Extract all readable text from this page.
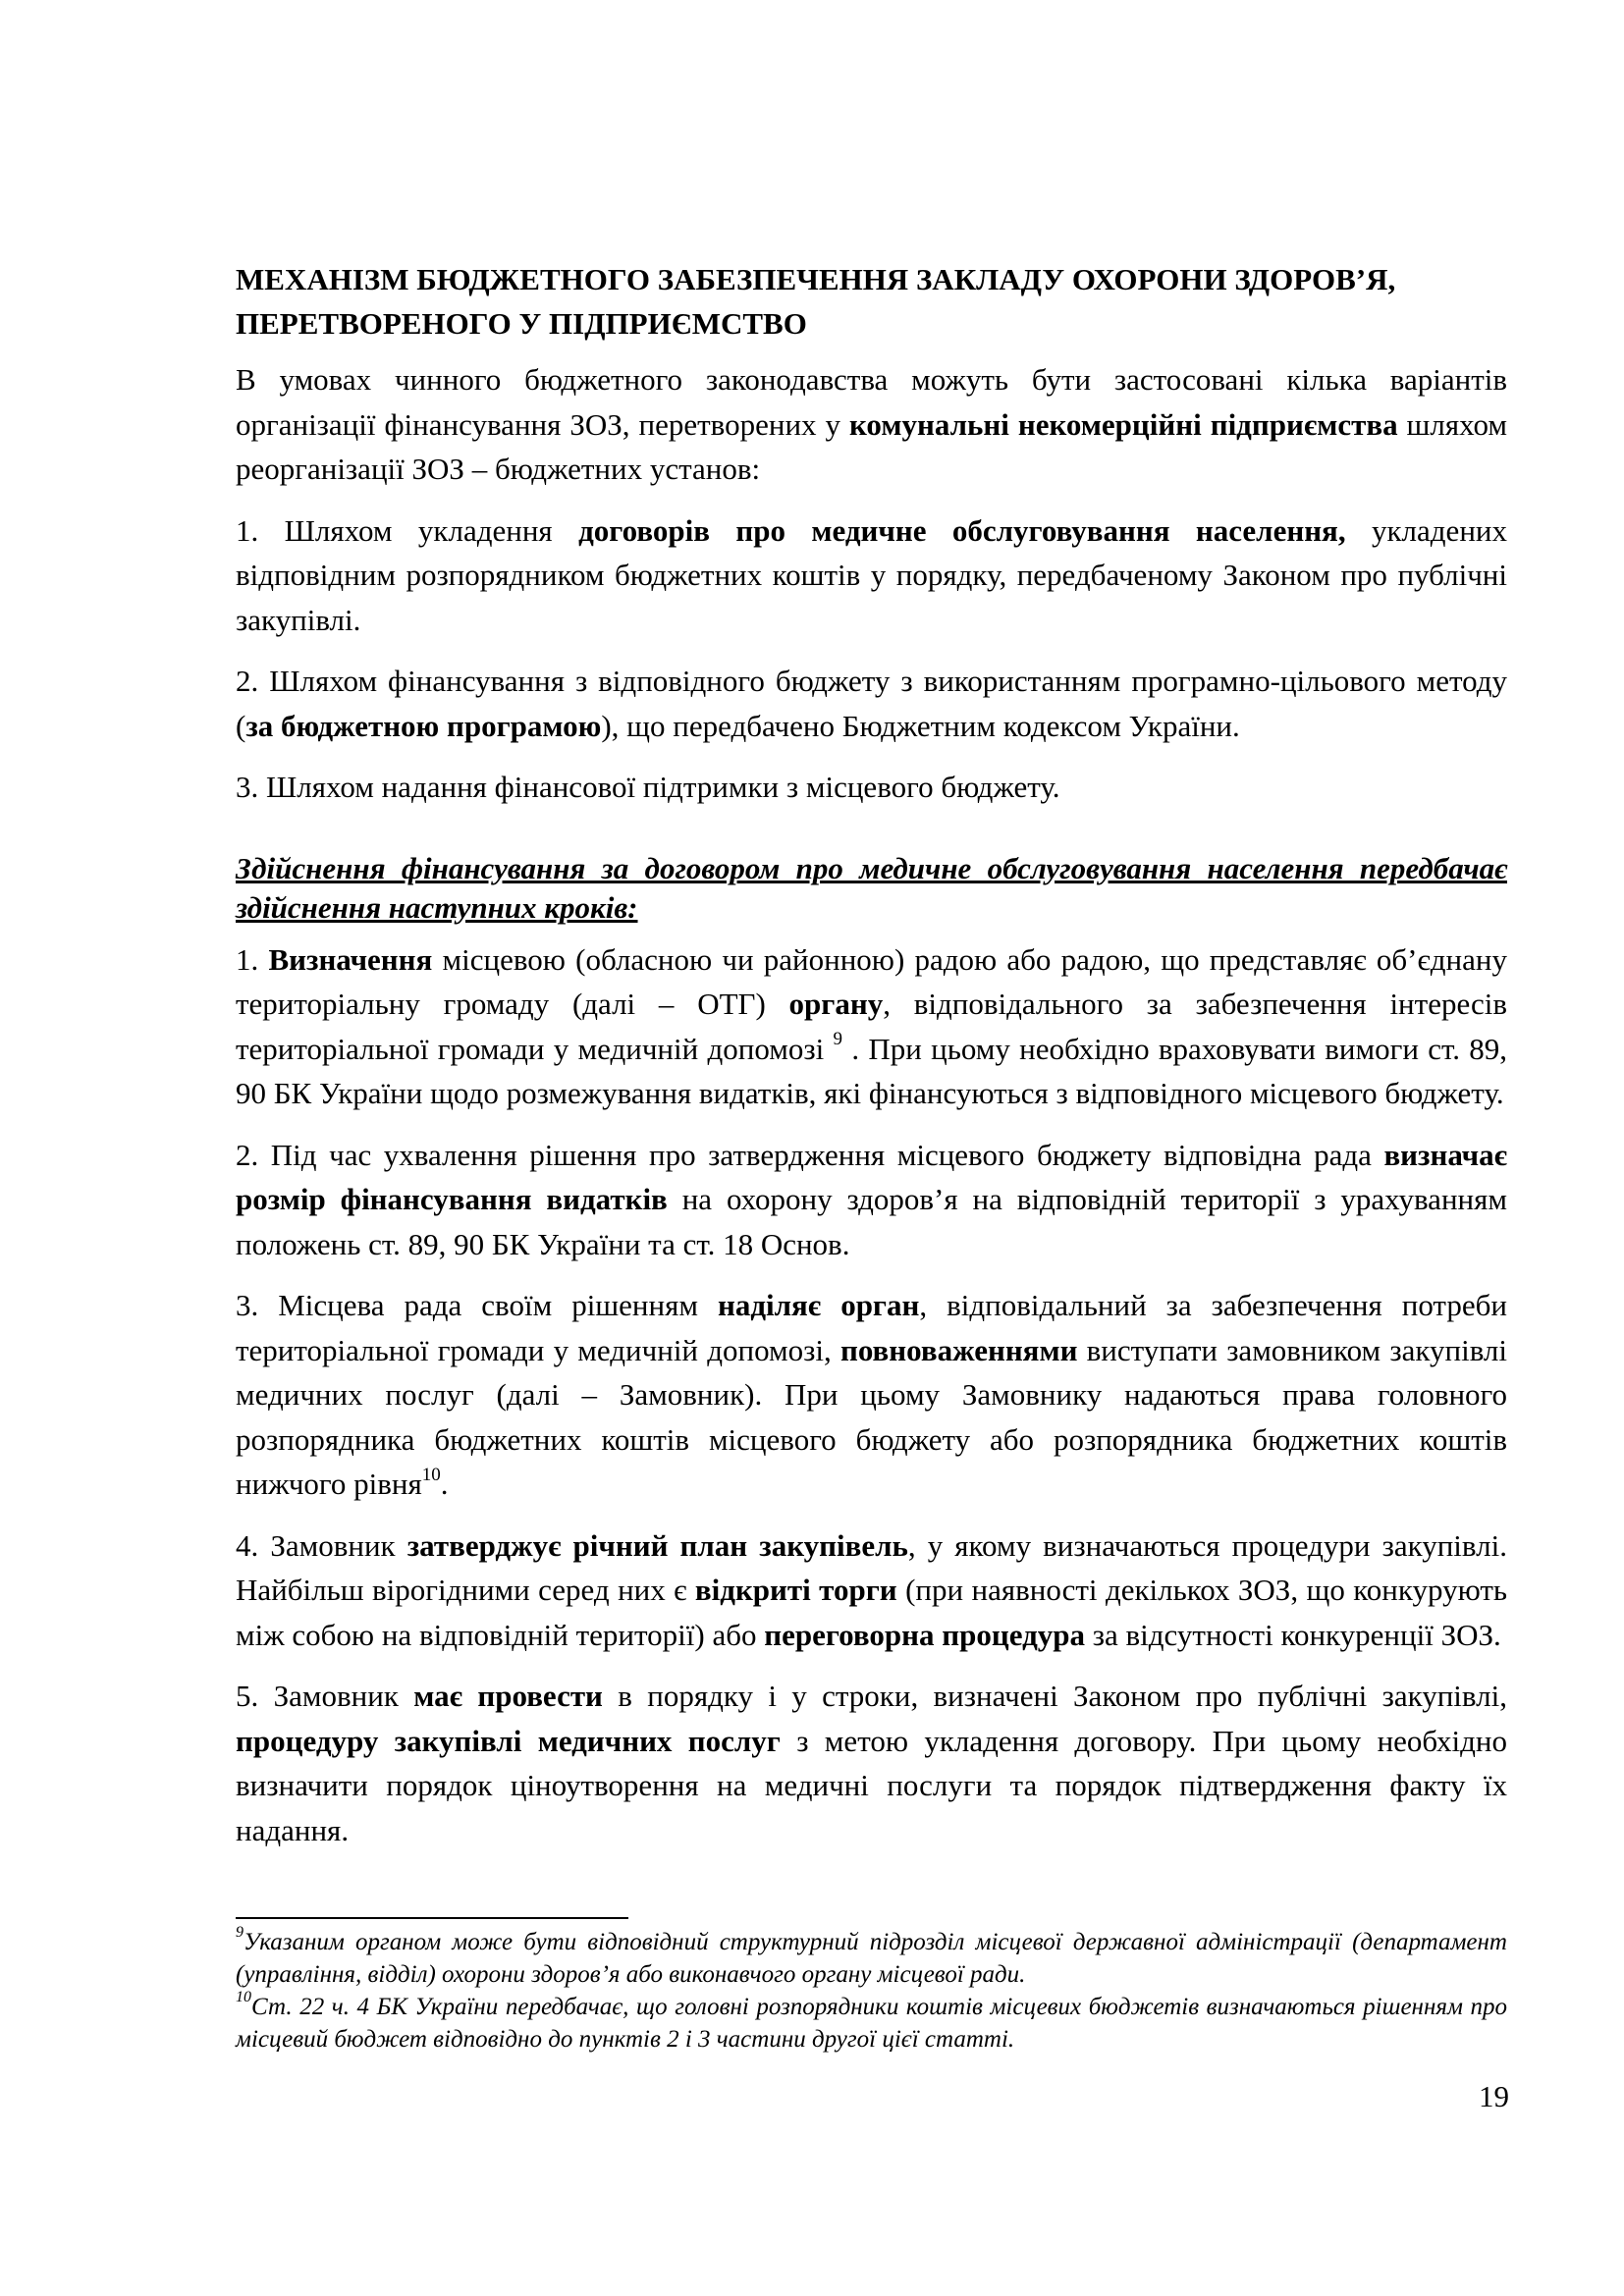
МЕХАНІЗМ БЮДЖЕТНОГО ЗАБЕЗПЕЧЕННЯ ЗАКЛАДУ ОХОРОНИ ЗДОРОВ’Я, ПЕРЕТВОРЕНОГО У ПІДПРИЄМСТВО

В умовах чинного бюджетного законодавства можуть бути застосовані кілька варіантів організації фінансування ЗОЗ, перетворених у комунальні некомерційні підприємства шляхом реорганізації ЗОЗ – бюджетних установ:

1. Шляхом укладення договорів про медичне обслуговування населення, укладених відповідним розпорядником бюджетних коштів у порядку, передбаченому Законом про публічні закупівлі.

2. Шляхом фінансування з відповідного бюджету з використанням програмно-цільового методу (за бюджетною програмою), що передбачено Бюджетним кодексом України.

3. Шляхом надання фінансової підтримки з місцевого бюджету.

Здійснення фінансування за договором про медичне обслуговування населення передбачає здійснення наступних кроків:

1. Визначення місцевою (обласною чи районною) радою або радою, що представляє об’єднану територіальну громаду (далі – ОТГ) органу, відповідального за забезпечення інтересів територіальної громади у медичній допомозі $^9$ . При цьому необхідно враховувати вимоги ст. 89, 90 БК України щодо розмежування видатків, які фінансуються з відповідного місцевого бюджету.

2. Під час ухвалення рішення про затвердження місцевого бюджету відповідна рада визначає розмір фінансування видатків на охорону здоров’я на відповідній території з урахуванням положень ст. 89, 90 БК України та ст. 18 Основ.

3. Місцева рада своїм рішенням наділяє орган, відповідальний за забезпечення потреби територіальної громади у медичній допомозі, повноваженнями виступати замовником закупівлі медичних послуг (далі – Замовник). При цьому Замовнику надаються права головного розпорядника бюджетних коштів місцевого бюджету або розпорядника бюджетних коштів нижчого рівня$^{10}$.

4. Замовник затверджує річний план закупівель, у якому визначаються процедури закупівлі. Найбільш вірогідними серед них є відкриті торги (при наявності декількох ЗОЗ, що конкурують між собою на відповідній території) або переговорна процедура за відсутності конкуренції ЗОЗ.

5. Замовник має провести в порядку і у строки, визначені Законом про публічні закупівлі, процедуру закупівлі медичних послуг з метою укладення договору. При цьому необхідно визначити порядок ціноутворення на медичні послуги та порядок підтвердження факту їх надання.

$^9$Указаним органом може бути відповідний структурний підрозділ місцевої державної адміністрації (департамент (управління, відділ) охорони здоров’я або виконавчого органу місцевої ради.

$^{10}$Ст. 22 ч. 4 БК України передбачає, що головні розпорядники коштів місцевих бюджетів визначаються рішенням про місцевий бюджет відповідно до пунктів 2 і 3 частини другої цієї статті.

19
